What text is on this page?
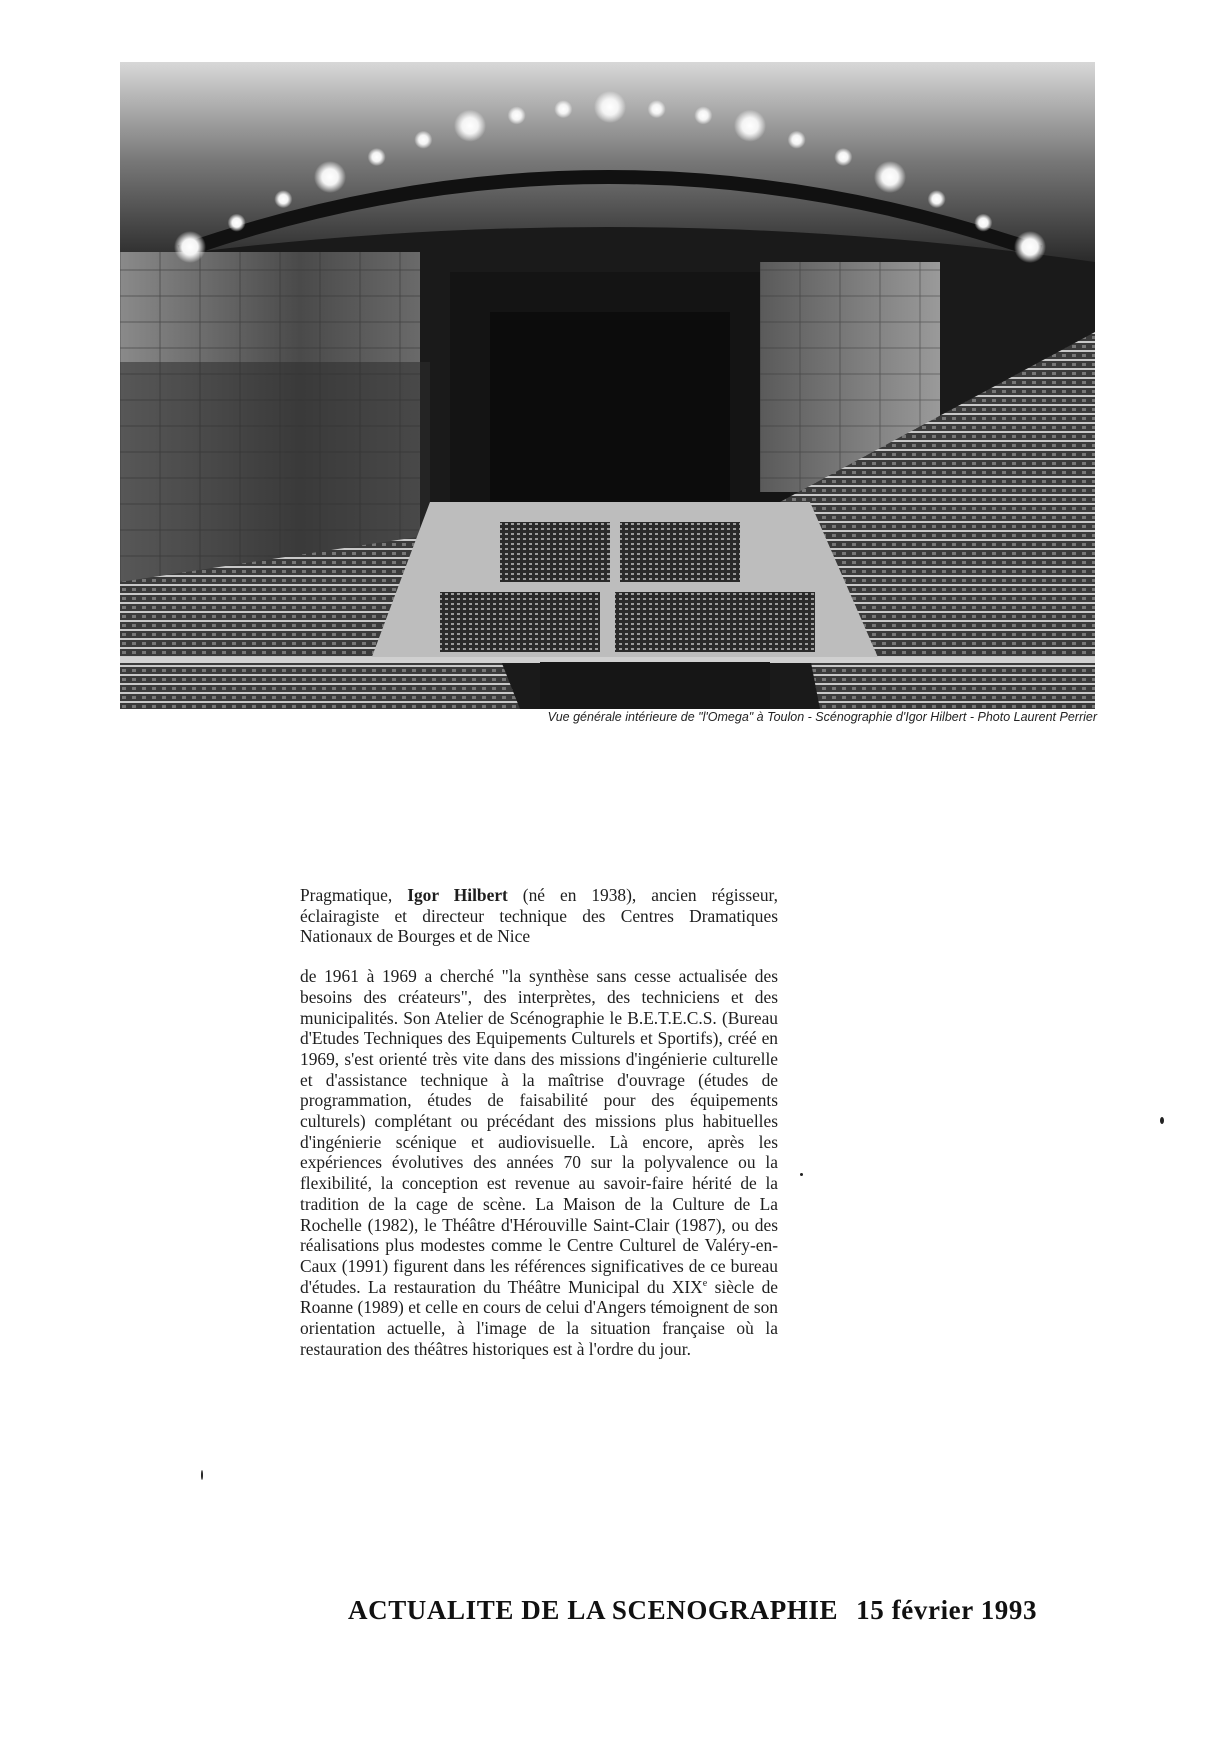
Vue générale intérieure de "l'Omega" à Toulon - Scénographie d'Igor Hilbert - Photo Laurent Perrier

Pragmatique, Igor Hilbert (né en 1938), ancien régisseur, éclairagiste et directeur technique des Centres Dramatiques Nationaux de Bourges et de Nice

de 1961 à 1969 a cherché "la synthèse sans cesse actualisée des besoins des créateurs", des interprètes, des techniciens et des municipalités. Son Atelier de Scénographie le B.E.T.E.C.S. (Bureau d'Etudes Techniques des Equipements Culturels et Sportifs), créé en 1969, s'est orienté très vite dans des missions d'ingénierie culturelle et d'assistance technique à la maîtrise d'ouvrage (études de programmation, études de faisabilité pour des équipements culturels) complétant ou précédant des missions plus habituelles d'ingénierie scénique et audiovisuelle. Là encore, après les expériences évolutives des années 70 sur la polyvalence ou la flexibilité, la conception est revenue au savoir-faire hérité de la tradition de la cage de scène. La Maison de la Culture de La Rochelle (1982), le Théâtre d'Hérouville Saint-Clair (1987), ou des réalisations plus modestes comme le Centre Culturel de Valéry-en-Caux (1991) figurent dans les références significatives de ce bureau d'études. La restauration du Théâtre Municipal du XIXe siècle de Roanne (1989) et celle en cours de celui d'Angers témoignent de son orientation actuelle, à l'image de la situation française où la restauration des théâtres historiques est à l'ordre du jour.

ACTUALITE DE LA SCENOGRAPHIE 15 février 1993
